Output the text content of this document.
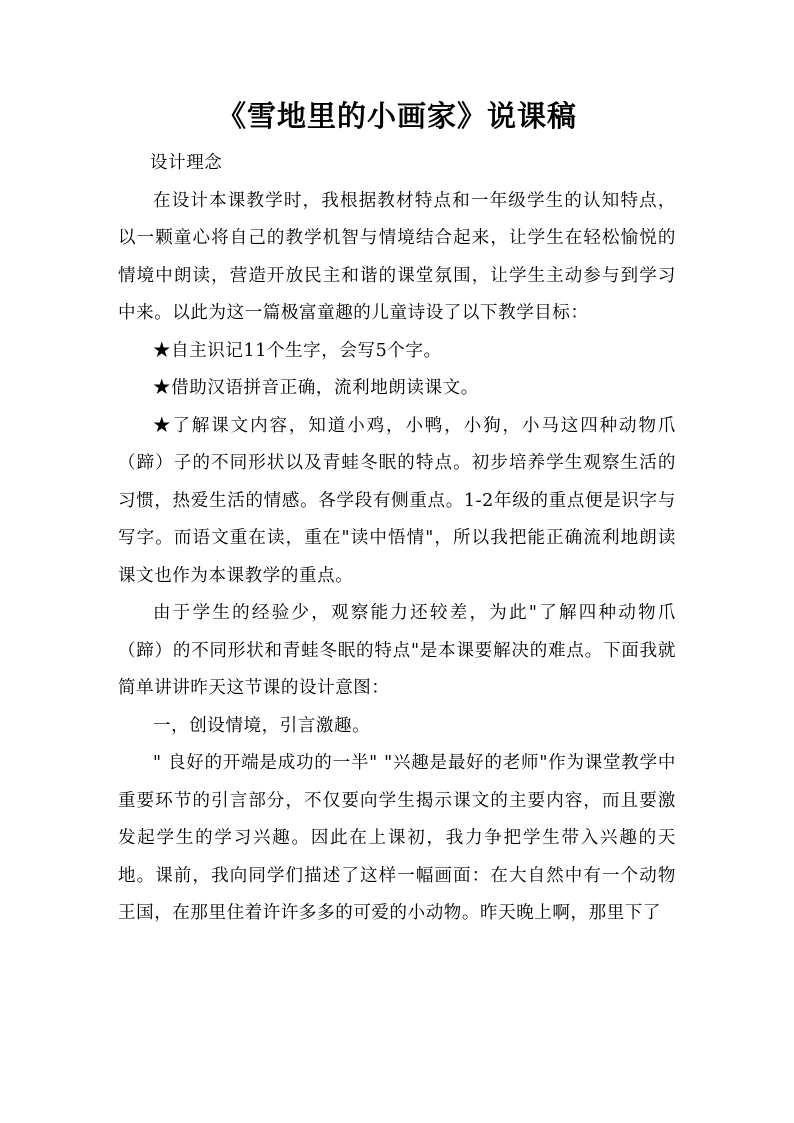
《雪地里的小画家》说课稿

设计理念

在设计本课教学时，我根据教材特点和一年级学生的认知特点，以一颗童心将自己的教学机智与情境结合起来，让学生在轻松愉悦的情境中朗读，营造开放民主和谐的课堂氛围，让学生主动参与到学习中来。以此为这一篇极富童趣的儿童诗设了以下教学目标：

★自主识记11个生字，会写5个字。

★借助汉语拼音正确，流利地朗读课文。

★了解课文内容，知道小鸡，小鸭，小狗，小马这四种动物爪（蹄）子的不同形状以及青蛙冬眠的特点。初步培养学生观察生活的习惯，热爱生活的情感。各学段有侧重点。1-2年级的重点便是识字与写字。而语文重在读，重在"读中悟情"，所以我把能正确流利地朗读课文也作为本课教学的重点。

由于学生的经验少，观察能力还较差，为此"了解四种动物爪（蹄）的不同形状和青蛙冬眠的特点"是本课要解决的难点。下面我就简单讲讲昨天这节课的设计意图：

一，创设情境，引言激趣。

" 良好的开端是成功的一半" "兴趣是最好的老师"作为课堂教学中重要环节的引言部分，不仅要向学生揭示课文的主要内容，而且要激发起学生的学习兴趣。因此在上课初，我力争把学生带入兴趣的天地。课前，我向同学们描述了这样一幅画面：在大自然中有一个动物王国，在那里住着许许多多的可爱的小动物。昨天晚上啊，那里下了
